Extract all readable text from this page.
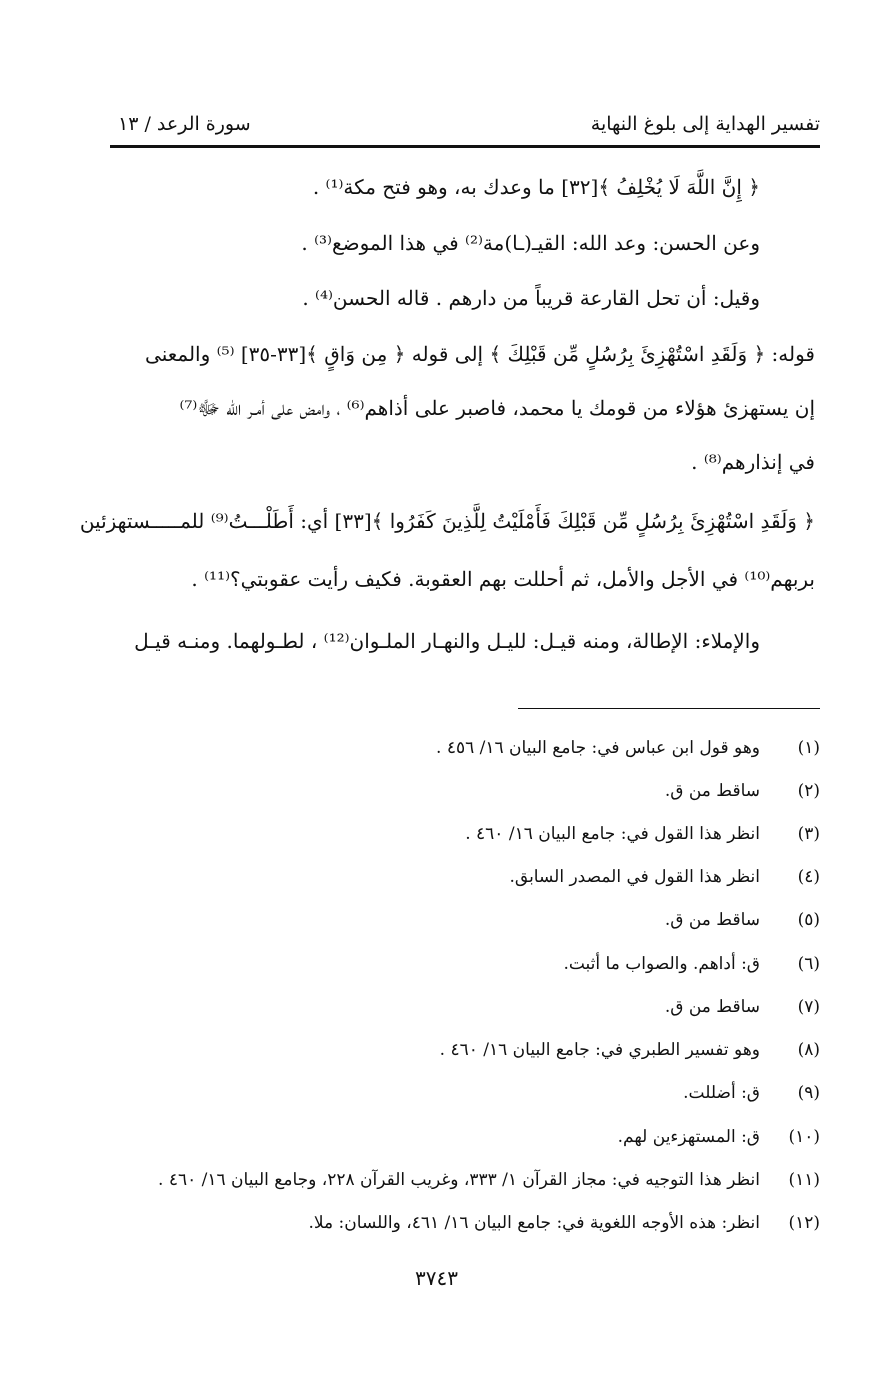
تفسير الهداية إلى بلوغ النهاية
سورة الرعد / ١٣
﴿ إِنَّ اللَّهَ لَا يُخْلِفُ ﴾[٣٢] ما وعدك به، وهو فتح مكة⁽¹⁾ .
وعن الحسن: وعد الله: القيـ(ـا)مة⁽²⁾ في هذا الموضع⁽³⁾ .
وقيل: أن تحل القارعة قريباً من دارهم . قاله الحسن⁽⁴⁾ .
قوله: ﴿ وَلَقَدِ اسْتُهْزِئَ بِرُسُلٍ مِّن قَبْلِكَ ﴾ إلى قوله ﴿ مِن وَاقٍ ﴾[٣٣-٣٥] ⁽⁵⁾ والمعنى
إن يستهزئ هؤلاء من قومك يا محمد، فاصبر على أذاهم⁽⁶⁾ ، وامض على أمـر الله ﷻ⁽⁷⁾
في إنذارهم⁽⁸⁾ .
﴿ وَلَقَدِ اسْتُهْزِئَ بِرُسُلٍ مِّن قَبْلِكَ فَأَمْلَيْتُ لِلَّذِينَ كَفَرُوا ﴾[٣٣] أي: أَطَلْـــتُ⁽⁹⁾ للمـــــستهزئين
بربهم⁽¹⁰⁾ في الأجل والأمل، ثم أحللت بهم العقوبة. فكيف رأيت عقوبتي؟⁽¹¹⁾ .
والإملاء: الإطالة، ومنه قيـل: لليـل والنهـار الملـوان⁽¹²⁾ ، لطـولهما. ومنـه قيـل
(١)وهو قول ابن عباس في: جامع البيان ١٦/ ٤٥٦ .
(٢)ساقط من ق.
(٣)انظر هذا القول في: جامع البيان ١٦/ ٤٦٠ .
(٤)انظر هذا القول في المصدر السابق.
(٥)ساقط من ق.
(٦)ق: أداهم. والصواب ما أثبت.
(٧)ساقط من ق.
(٨)وهو تفسير الطبري في: جامع البيان ١٦/ ٤٦٠ .
(٩)ق: أضللت.
(١٠)ق: المستهزءين لهم.
(١١)انظر هذا التوجيه في: مجاز القرآن ١/ ٣٣٣، وغريب القرآن ٢٢٨، وجامع البيان ١٦/ ٤٦٠ .
(١٢)انظر: هذه الأوجه اللغوية في: جامع البيان ١٦/ ٤٦١، واللسان: ملا.
٣٧٤٣
